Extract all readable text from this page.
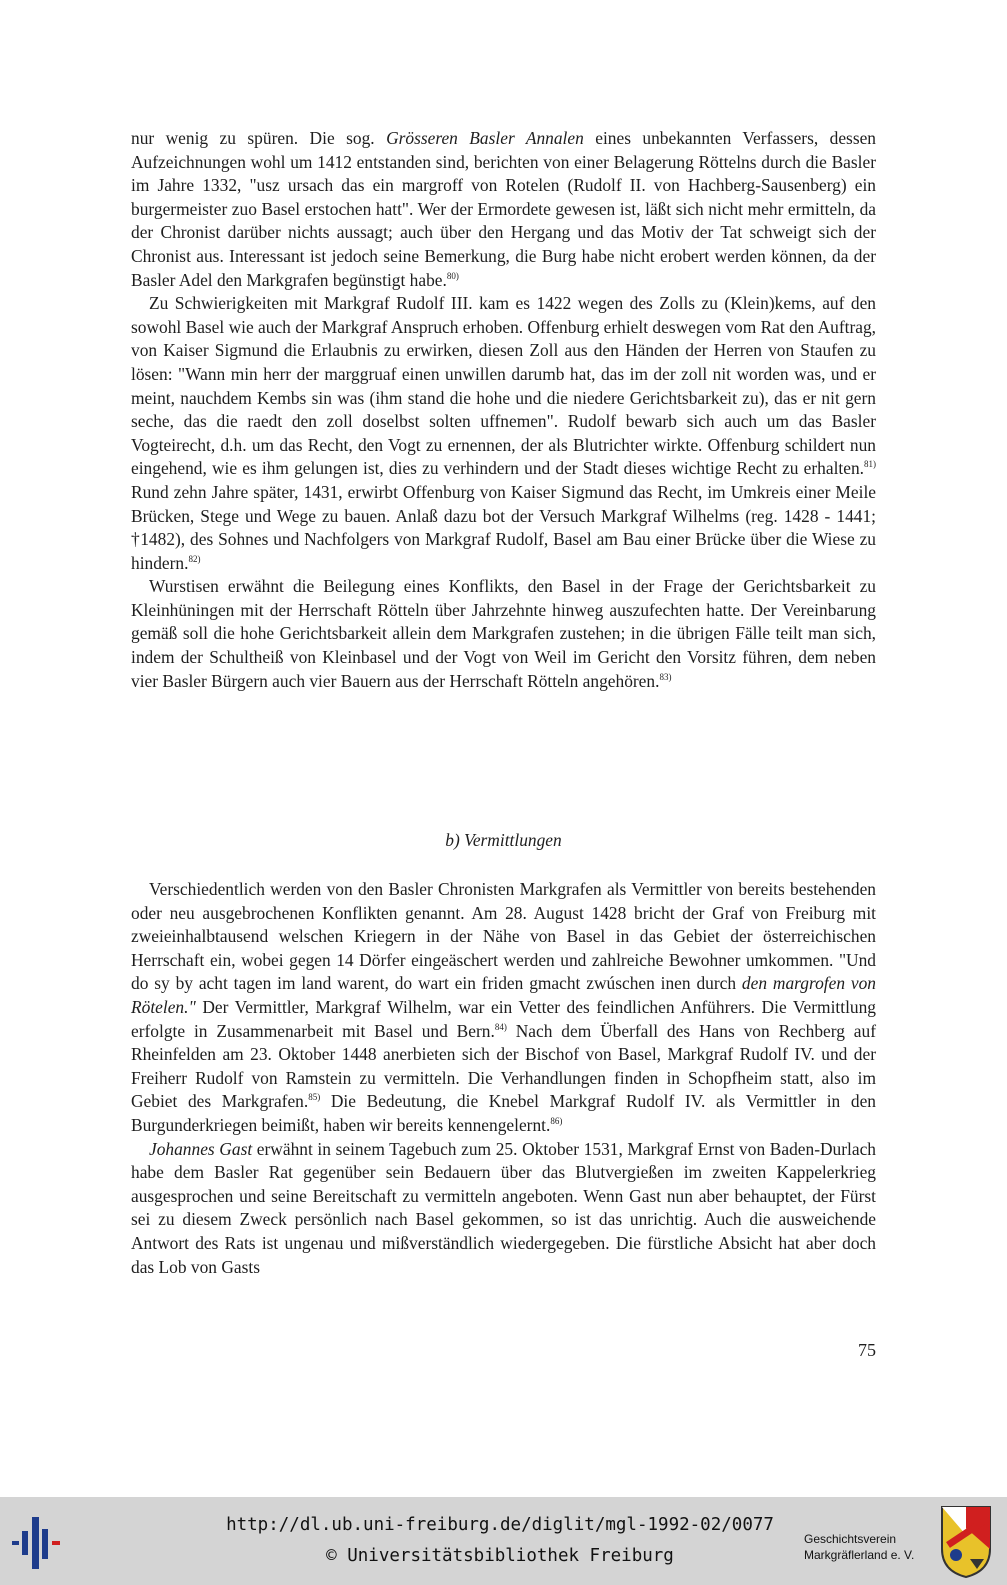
nur wenig zu spüren. Die sog. Grösseren Basler Annalen eines unbekannten Verfassers, dessen Aufzeichnungen wohl um 1412 entstanden sind, berichten von einer Belagerung Röttelns durch die Basler im Jahre 1332, "usz ursach das ein margroff von Rotelen (Rudolf II. von Hachberg-Sausenberg) ein burgermeister zuo Basel erstochen hatt". Wer der Ermordete gewesen ist, läßt sich nicht mehr ermitteln, da der Chronist darüber nichts aussagt; auch über den Hergang und das Motiv der Tat schweigt sich der Chronist aus. Interessant ist jedoch seine Bemerkung, die Burg habe nicht erobert werden können, da der Basler Adel den Markgrafen begünstigt habe.$^{80)}$

Zu Schwierigkeiten mit Markgraf Rudolf III. kam es 1422 wegen des Zolls zu (Klein)kems, auf den sowohl Basel wie auch der Markgraf Anspruch erhoben. Offenburg erhielt deswegen vom Rat den Auftrag, von Kaiser Sigmund die Erlaubnis zu erwirken, diesen Zoll aus den Händen der Herren von Staufen zu lösen: "Wann min herr der marggruaf einen unwillen darumb hat, das im der zoll nit worden was, und er meint, nauchdem Kembs sin was (ihm stand die hohe und die niedere Gerichtsbarkeit zu), das er nit gern seche, das die raedt den zoll doselbst solten uffnemen". Rudolf bewarb sich auch um das Basler Vogteirecht, d.h. um das Recht, den Vogt zu ernennen, der als Blutrichter wirkte. Offenburg schildert nun eingehend, wie es ihm gelungen ist, dies zu verhindern und der Stadt dieses wichtige Recht zu erhalten.$^{81)}$ Rund zehn Jahre später, 1431, erwirbt Offenburg von Kaiser Sigmund das Recht, im Umkreis einer Meile Brücken, Stege und Wege zu bauen. Anlaß dazu bot der Versuch Markgraf Wilhelms (reg. 1428 - 1441; †1482), des Sohnes und Nachfolgers von Markgraf Rudolf, Basel am Bau einer Brücke über die Wiese zu hindern.$^{82)}$

Wurstisen erwähnt die Beilegung eines Konflikts, den Basel in der Frage der Gerichtsbarkeit zu Kleinhüningen mit der Herrschaft Rötteln über Jahrzehnte hinweg auszufechten hatte. Der Vereinbarung gemäß soll die hohe Gerichtsbarkeit allein dem Markgrafen zustehen; in die übrigen Fälle teilt man sich, indem der Schultheiß von Kleinbasel und der Vogt von Weil im Gericht den Vorsitz führen, dem neben vier Basler Bürgern auch vier Bauern aus der Herrschaft Rötteln angehören.$^{83)}$

b) Vermittlungen

Verschiedentlich werden von den Basler Chronisten Markgrafen als Vermittler von bereits bestehenden oder neu ausgebrochenen Konflikten genannt. Am 28. August 1428 bricht der Graf von Freiburg mit zweieinhalbtausend welschen Kriegern in der Nähe von Basel in das Gebiet der österreichischen Herrschaft ein, wobei gegen 14 Dörfer eingeäschert werden und zahlreiche Bewohner umkommen. "Und do sy by acht tagen im land warent, do wart ein friden gmacht zwúschen inen durch den margrofen von Rötelen." Der Vermittler, Markgraf Wilhelm, war ein Vetter des feindlichen Anführers. Die Vermittlung erfolgte in Zusammenarbeit mit Basel und Bern.$^{84)}$ Nach dem Überfall des Hans von Rechberg auf Rheinfelden am 23. Oktober 1448 anerbieten sich der Bischof von Basel, Markgraf Rudolf IV. und der Freiherr Rudolf von Ramstein zu vermitteln. Die Verhandlungen finden in Schopfheim statt, also im Gebiet des Markgrafen.$^{85)}$ Die Bedeutung, die Knebel Markgraf Rudolf IV. als Vermittler in den Burgunderkriegen beimißt, haben wir bereits kennengelernt.$^{86)}$

Johannes Gast erwähnt in seinem Tagebuch zum 25. Oktober 1531, Markgraf Ernst von Baden-Durlach habe dem Basler Rat gegenüber sein Bedauern über das Blutvergießen im zweiten Kappelerkrieg ausgesprochen und seine Bereitschaft zu vermitteln angeboten. Wenn Gast nun aber behauptet, der Fürst sei zu diesem Zweck persönlich nach Basel gekommen, so ist das unrichtig. Auch die ausweichende Antwort des Rats ist ungenau und mißverständlich wiedergegeben. Die fürstliche Absicht hat aber doch das Lob von Gasts

75
http://dl.ub.uni-freiburg.de/diglit/mgl-1992-02/0077
© Universitätsbibliothek Freiburg
Geschichtsverein
Markgräflerland e. V.
